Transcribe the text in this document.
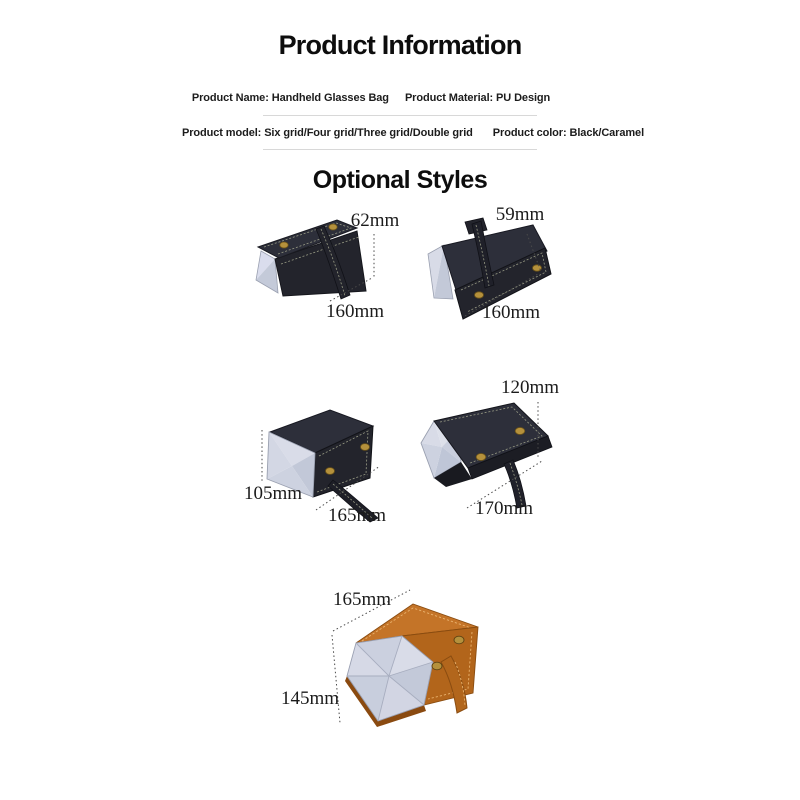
Product Information
Product Name: Handheld Glasses Bag Product Material: PU Design
Product model: Six grid/Four grid/Three grid/Double grid Product color: Black/Caramel
Optional Styles
62mm
160mm
59mm
160mm
105mm
165mm
120mm
170mm
165mm
145mm
